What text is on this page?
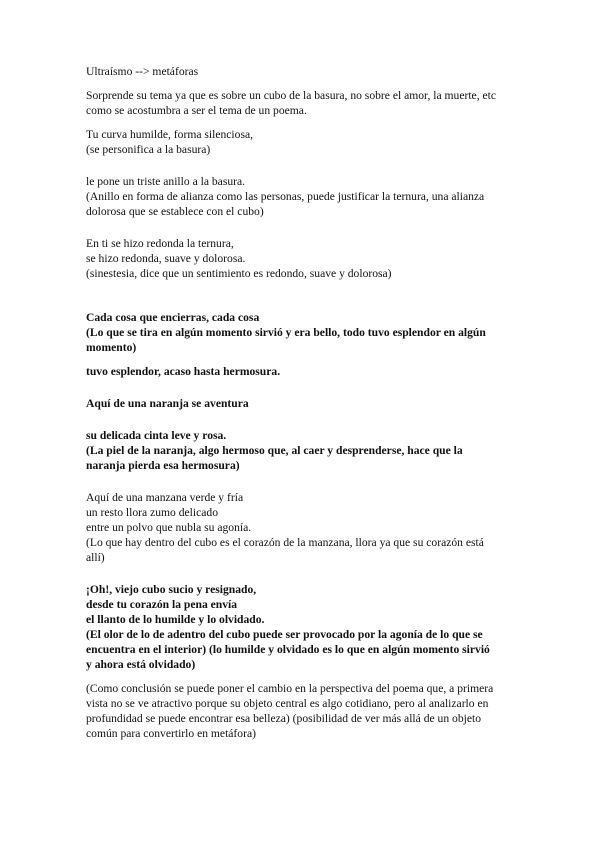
Ultraísmo --> metáforas

Sorprende su tema ya que es sobre un cubo de la basura, no sobre el amor, la muerte, etc
como se acostumbra a ser el tema de un poema.

Tu curva humilde, forma silenciosa,
(se personifica a la basura)

le pone un triste anillo a la basura.
(Anillo en forma de alianza como las personas, puede justificar la ternura, una alianza
dolorosa que se establece con el cubo)

En ti se hizo redonda la ternura,
se hizo redonda, suave y dolorosa.
(sinestesia, dice que un sentimiento es redondo, suave y dolorosa)

Cada cosa que encierras, cada cosa
(Lo que se tira en algún momento sirvió y era bello, todo tuvo esplendor en algún
momento)

tuvo esplendor, acaso hasta hermosura.

Aquí de una naranja se aventura

su delicada cinta leve y rosa.
(La piel de la naranja, algo hermoso que, al caer y desprenderse, hace que la
naranja pierda esa hermosura)

Aquí de una manzana verde y fría
un resto llora zumo delicado
entre un polvo que nubla su agonía.
(Lo que hay dentro del cubo es el corazón de la manzana, llora ya que su corazón está
allí)

¡Oh!, viejo cubo sucio y resignado,
desde tu corazón la pena envía
el llanto de lo humilde y lo olvidado.
(El olor de lo de adentro del cubo puede ser provocado por la agonía de lo que se
encuentra en el interior) (lo humilde y olvidado es lo que en algún momento sirvió
y ahora está olvidado)

(Como conclusión se puede poner el cambio en la perspectiva del poema que, a primera
vista no se ve atractivo porque su objeto central es algo cotidiano, pero al analizarlo en
profundidad se puede encontrar esa belleza) (posibilidad de ver más allá de un objeto
común para convertirlo en metáfora)
